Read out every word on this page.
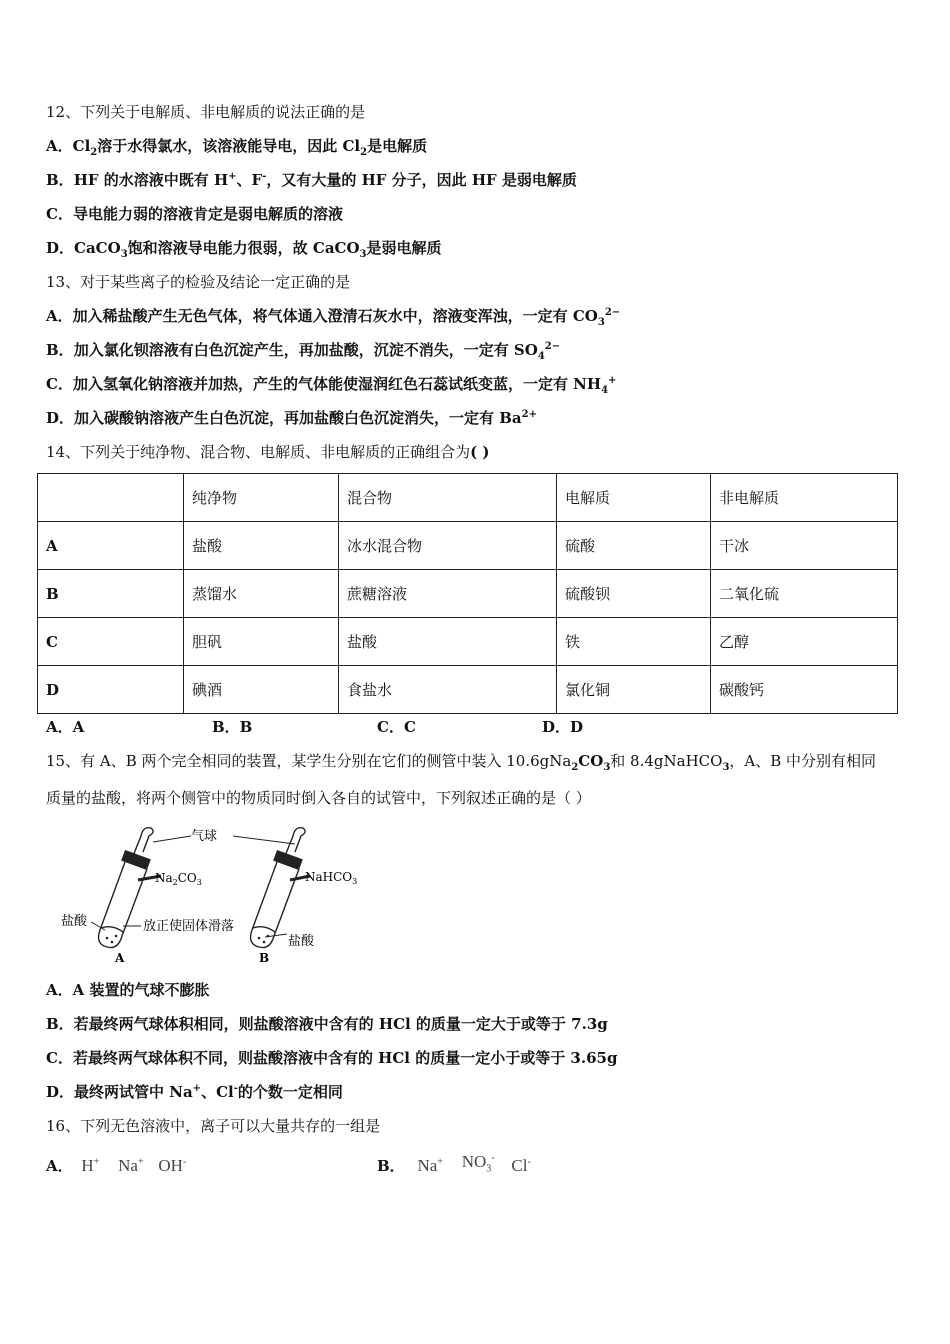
12、下列关于电解质、非电解质的说法正确的是
A．$Cl_2$溶于水得氯水，该溶液能导电，因此 $Cl_2$是电解质
B．HF 的水溶液中既有 H+、F-，又有大量的 HF 分子，因此 HF 是弱电解质
C．导电能力弱的溶液肯定是弱电解质的溶液
D．CaCO$_3$饱和溶液导电能力很弱，故 CaCO$_3$是弱电解质
13、对于某些离子的检验及结论一定正确的是
A．加入稀盐酸产生无色气体，将气体通入澄清石灰水中，溶液变浑浊，一定有 $CO_3^{2-}$
B．加入氯化钡溶液有白色沉淀产生，再加盐酸，沉淀不消失，一定有 $SO_4^{2-}$
C．加入氢氧化钠溶液并加热，产生的气体能使湿润红色石蕊试纸变蓝，一定有 $NH_4^+$
D．加入碳酸钠溶液产生白色沉淀，再加盐酸白色沉淀消失，一定有 $Ba^{2+}$
14、下列关于纯净物、混合物、电解质、非电解质的正确组合为( )
	纯净物	混合物	电解质	非电解质
A	盐酸	冰水混合物	硫酸	干冰
B	蒸馏水	蔗糖溶液	硫酸钡	二氧化硫
C	胆矾	盐酸	铁	乙醇
D	碘酒	食盐水	氯化铜	碳酸钙
A．A	B．B	C．C	D．D
15、有 A、B 两个完全相同的装置，某学生分别在它们的侧管中装入 $10.6gNa_2CO_3$和 8.4gNaHCO$_3$，A、B 中分别有相同
质量的盐酸，将两个侧管中的物质同时倒入各自的试管中，下列叙述正确的是（ ）
气球
$Na_2CO_3$	NaHCO$_3$
盐酸	放正使固体滑落
盐酸
A	B
A．A 装置的气球不膨胀
B．若最终两气球体积相同，则盐酸溶液中含有的 HCl 的质量一定大于或等于 7.3g
C．若最终两气球体积不同，则盐酸溶液中含有的 HCl 的质量一定小于或等于 3.65g
D．最终两试管中 Na+、Cl-的个数一定相同
16、下列无色溶液中，离子可以大量共存的一组是
A． H+ Na+ OH-	B． Na+ $NO_3^-$ Cl-
